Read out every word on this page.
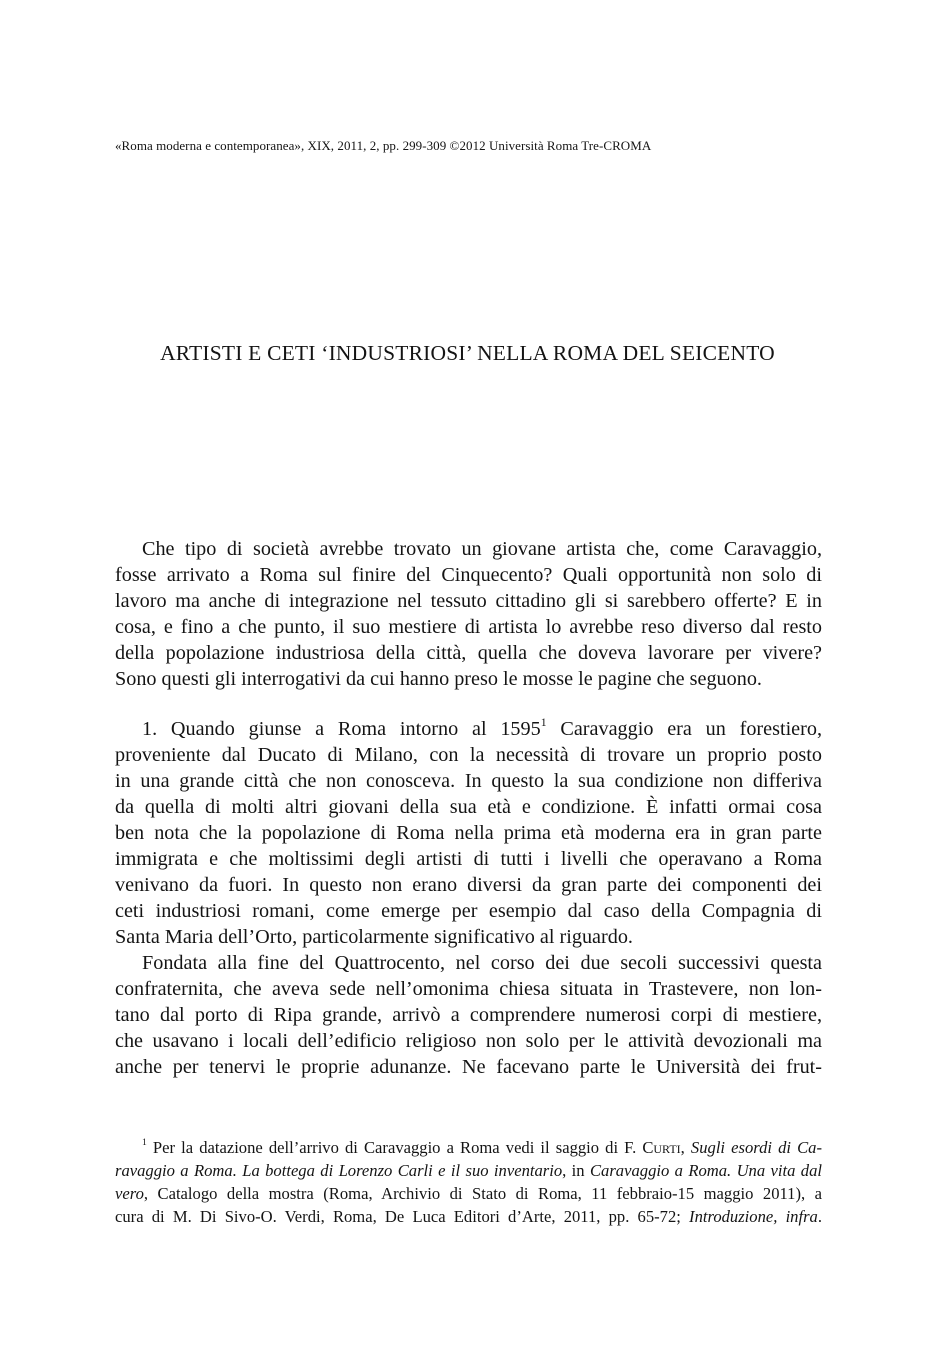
«Roma moderna e contemporanea», XIX, 2011, 2, pp. 299-309 ©2012 Università Roma Tre-CROMA
ARTISTI E CETI ‘INDUSTRIOSI’ NELLA ROMA DEL SEICENTO

Che tipo di società avrebbe trovato un giovane artista che, come Caravaggio,
fosse arrivato a Roma sul finire del Cinquecento? Quali opportunità non solo di
lavoro ma anche di integrazione nel tessuto cittadino gli si sarebbero offerte? E in
cosa, e fino a che punto, il suo mestiere di artista lo avrebbe reso diverso dal resto
della popolazione industriosa della città, quella che doveva lavorare per vivere?
Sono questi gli interrogativi da cui hanno preso le mosse le pagine che seguono.

1. Quando giunse a Roma intorno al 1595$^1$ Caravaggio era un forestiero,
proveniente dal Ducato di Milano, con la necessità di trovare un proprio posto
in una grande città che non conosceva. In questo la sua condizione non differiva
da quella di molti altri giovani della sua età e condizione. È infatti ormai cosa
ben nota che la popolazione di Roma nella prima età moderna era in gran parte
immigrata e che moltissimi degli artisti di tutti i livelli che operavano a Roma
venivano da fuori. In questo non erano diversi da gran parte dei componenti dei
ceti industriosi romani, come emerge per esempio dal caso della Compagnia di
Santa Maria dell’Orto, particolarmente significativo al riguardo.

Fondata alla fine del Quattrocento, nel corso dei due secoli successivi questa
confraternita, che aveva sede nell’omonima chiesa situata in Trastevere, non lon-
tano dal porto di Ripa grande, arrivò a comprendere numerosi corpi di mestiere,
che usavano i locali dell’edificio religioso non solo per le attività devozionali ma
anche per tenervi le proprie adunanze. Ne facevano parte le Università dei frut-

$^1$ Per la datazione dell’arrivo di Caravaggio a Roma vedi il saggio di F. Curti, Sugli esordi di Ca-
ravaggio a Roma. La bottega di Lorenzo Carli e il suo inventario, in Caravaggio a Roma. Una vita dal
vero, Catalogo della mostra (Roma, Archivio di Stato di Roma, 11 febbraio-15 maggio 2011), a
cura di M. Di Sivo-O. Verdi, Roma, De Luca Editori d’Arte, 2011, pp. 65-72; Introduzione, infra.
